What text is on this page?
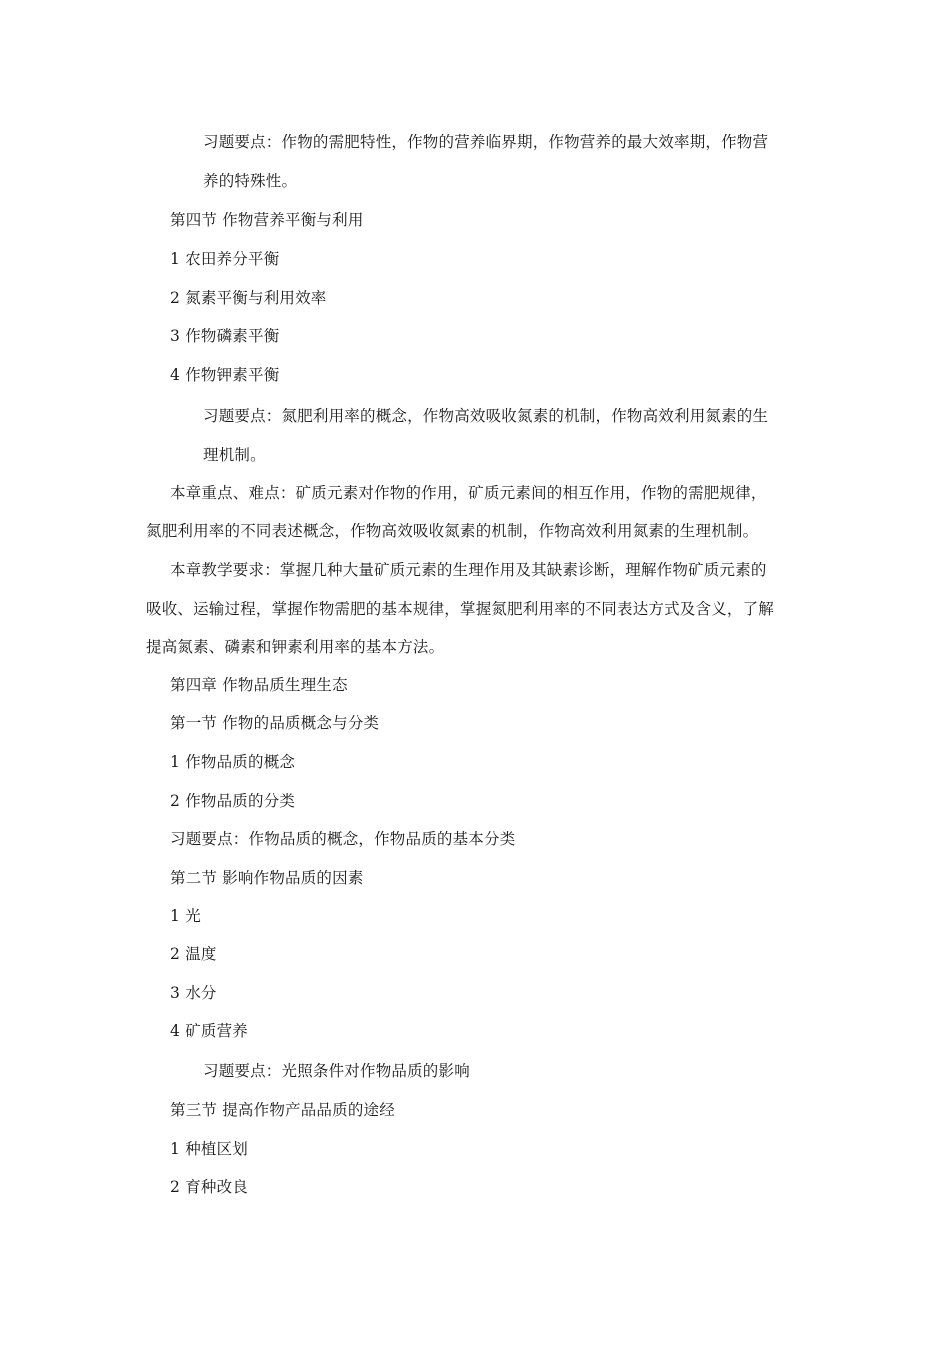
习题要点：作物的需肥特性，作物的营养临界期，作物营养的最大效率期，作物营

养的特殊性。

第四节 作物营养平衡与利用

1 农田养分平衡

2 氮素平衡与利用效率

3 作物磷素平衡

4 作物钾素平衡

习题要点：氮肥利用率的概念，作物高效吸收氮素的机制，作物高效利用氮素的生

理机制。

本章重点、难点：矿质元素对作物的作用，矿质元素间的相互作用，作物的需肥规律，

氮肥利用率的不同表述概念，作物高效吸收氮素的机制，作物高效利用氮素的生理机制。

本章教学要求：掌握几种大量矿质元素的生理作用及其缺素诊断，理解作物矿质元素的

吸收、运输过程，掌握作物需肥的基本规律，掌握氮肥利用率的不同表达方式及含义，了解

提高氮素、磷素和钾素利用率的基本方法。

第四章 作物品质生理生态

第一节 作物的品质概念与分类

1 作物品质的概念

2 作物品质的分类

习题要点：作物品质的概念，作物品质的基本分类

第二节 影响作物品质的因素

1 光

2 温度

3 水分

4 矿质营养

习题要点：光照条件对作物品质的影响

第三节 提高作物产品品质的途经

1 种植区划

2 育种改良
